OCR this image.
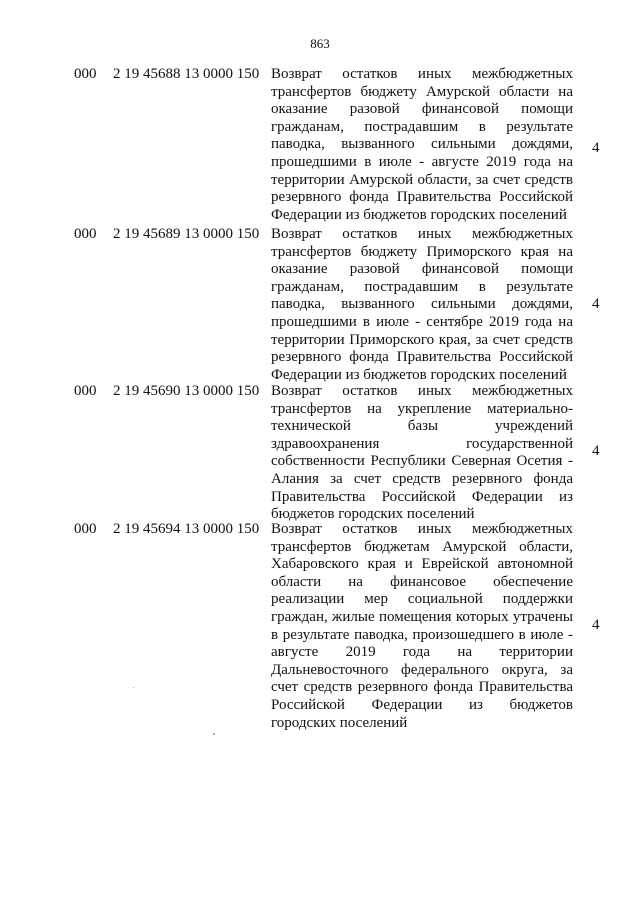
863
000 2 19 45688 13 0000 150 Возврат остатков иных межбюджетных трансфертов бюджету Амурской области на оказание разовой финансовой помощи гражданам, пострадавшим в результате паводка, вызванного сильными дождями, прошедшими в июле - августе 2019 года на территории Амурской области, за счет средств резервного фонда Правительства Российской Федерации из бюджетов городских поселений
4
000 2 19 45689 13 0000 150 Возврат остатков иных межбюджетных трансфертов бюджету Приморского края на оказание разовой финансовой помощи гражданам, пострадавшим в результате паводка, вызванного сильными дождями, прошедшими в июле - сентябре 2019 года на территории Приморского края, за счет средств резервного фонда Правительства Российской Федерации из бюджетов городских поселений
4
000 2 19 45690 13 0000 150 Возврат остатков иных межбюджетных трансфертов на укрепление материально-технической базы учреждений здравоохранения государственной собственности Республики Северная Осетия - Алания за счет средств резервного фонда Правительства Российской Федерации из бюджетов городских поселений
4
000 2 19 45694 13 0000 150 Возврат остатков иных межбюджетных трансфертов бюджетам Амурской области, Хабаровского края и Еврейской автономной области на финансовое обеспечение реализации мер социальной поддержки граждан, жилые помещения которых утрачены в результате паводка, произошедшего в июле - августе 2019 года на территории Дальневосточного федерального округа, за счет средств резервного фонда Правительства Российской Федерации из бюджетов городских поселений
4
